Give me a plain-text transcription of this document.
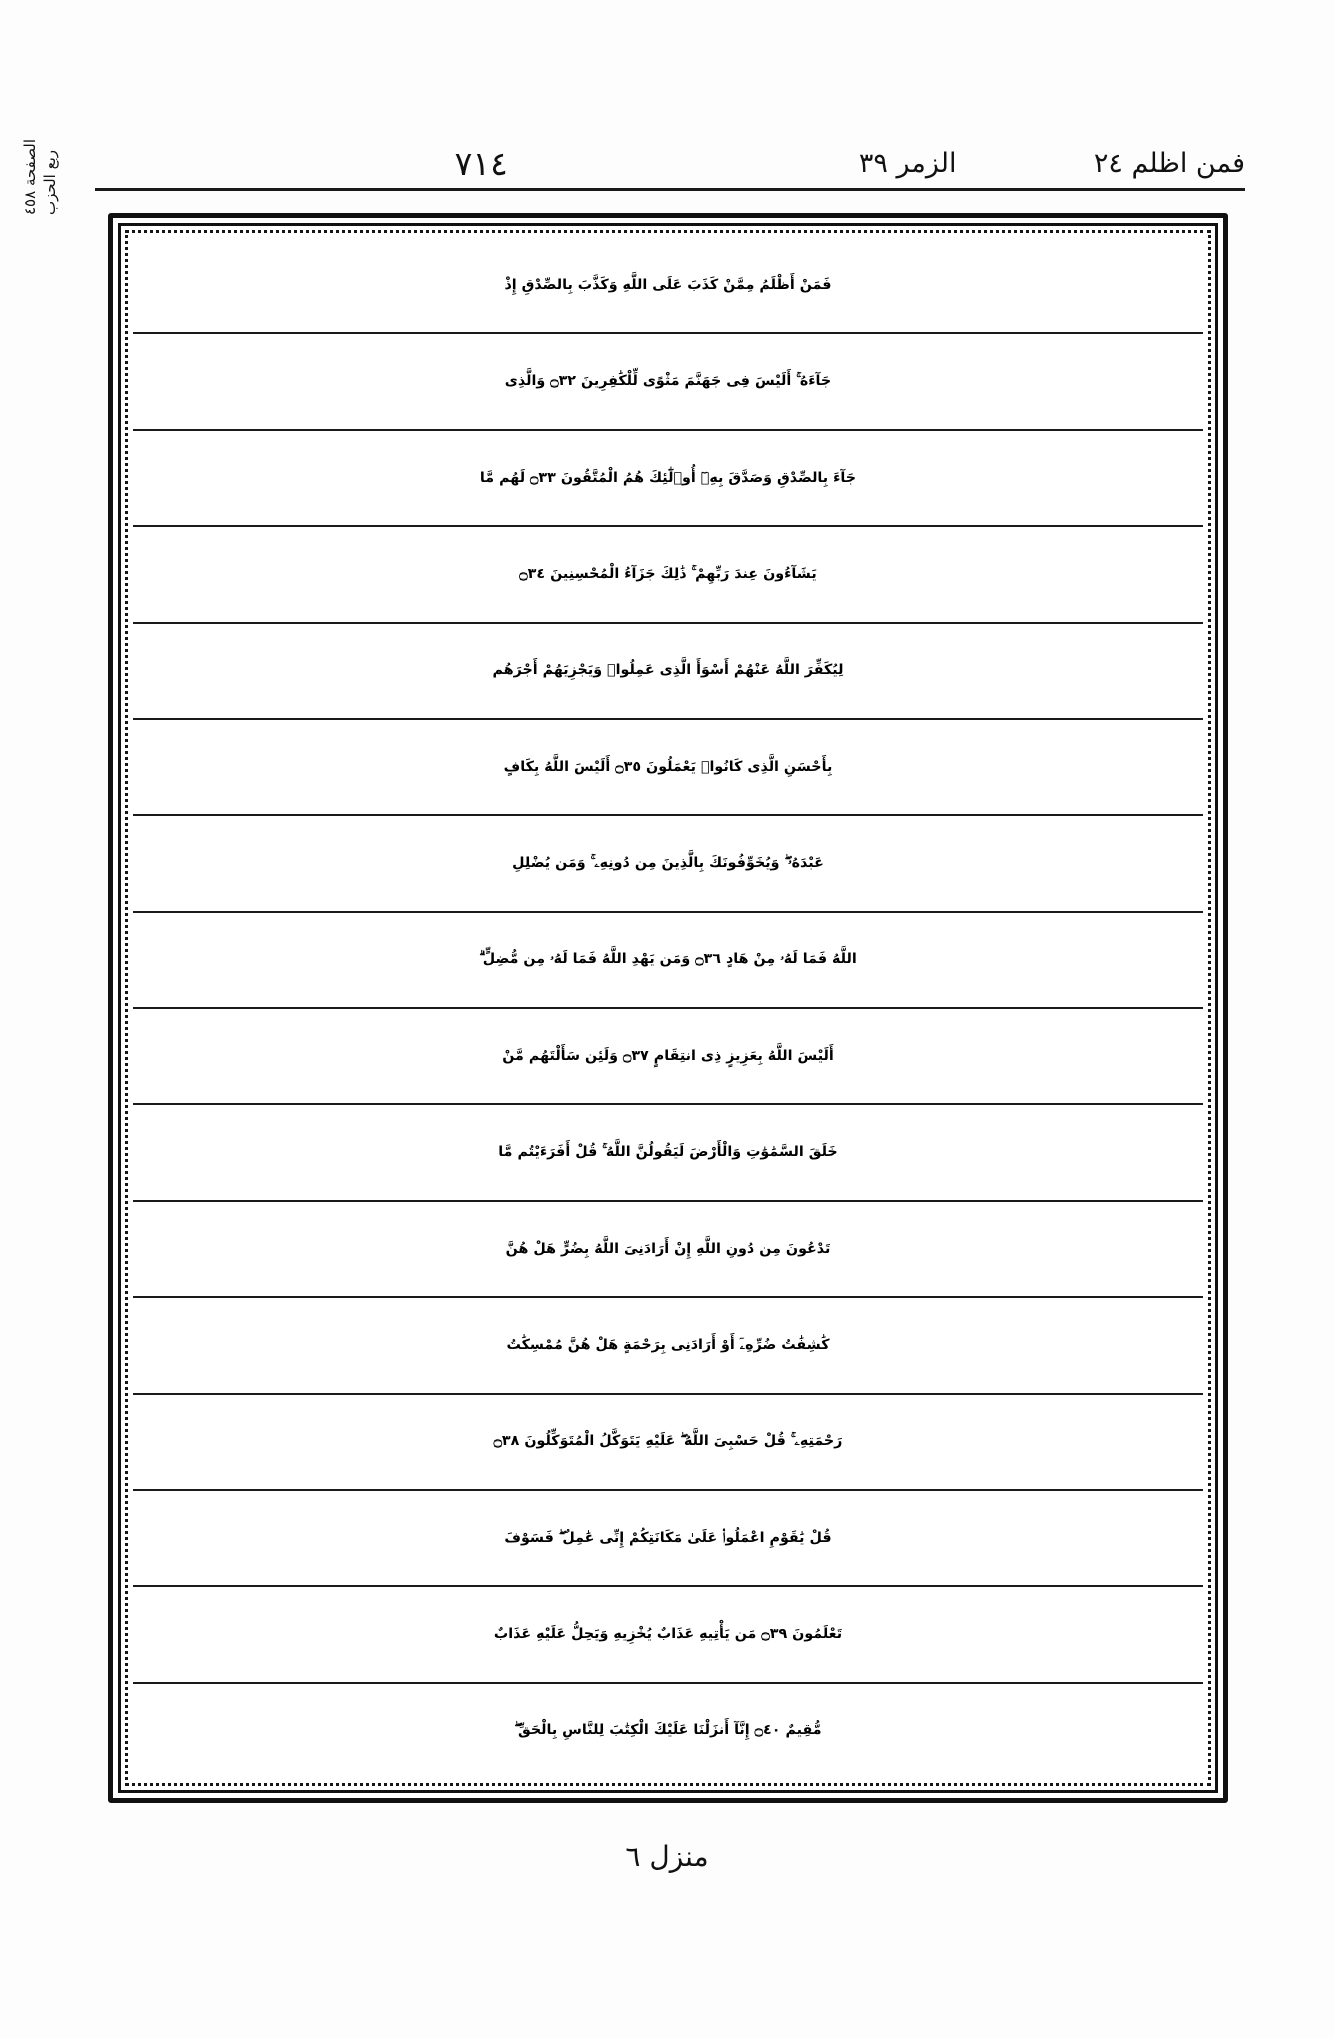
فمن اظلم ٢٤                الزمر ٣٩
٧١٤

الصفحة ٤٥٨ ربع الحزب
فَمَنْ أَظْلَمُ مِمَّنْ كَذَبَ عَلَى اللَّهِ وَكَذَّبَ بِالصِّدْقِ إِذْ
جَآءَهُ ۚ أَلَيْسَ فِى جَهَنَّمَ مَثْوًى لِّلْكَٰفِرِينَ ۝٣٢ وَالَّذِى
جَآءَ بِالصِّدْقِ وَصَدَّقَ بِهِۦٓ أُو۟لَٰٓئِكَ هُمُ الْمُتَّقُونَ ۝٣٣ لَهُم مَّا
يَشَآءُونَ عِندَ رَبِّهِمْ ۚ ذَٰلِكَ جَزَآءُ الْمُحْسِنِينَ ۝٣٤
لِيُكَفِّرَ اللَّهُ عَنْهُمْ أَسْوَأَ الَّذِى عَمِلُوا۟ وَيَجْزِيَهُمْ أَجْرَهُم
بِأَحْسَنِ الَّذِى كَانُوا۟ يَعْمَلُونَ ۝٣٥ أَلَيْسَ اللَّهُ بِكَافٍ
عَبْدَهُۥ ۖ وَيُخَوِّفُونَكَ بِالَّذِينَ مِن دُونِهِۦ ۚ وَمَن يُضْلِلِ
اللَّهُ فَمَا لَهُۥ مِنْ هَادٍ ۝٣٦ وَمَن يَهْدِ اللَّهُ فَمَا لَهُۥ مِن مُّضِلٍّ ۗ
أَلَيْسَ اللَّهُ بِعَزِيزٍ ذِى انتِقَامٍ ۝٣٧ وَلَئِن سَأَلْتَهُم مَّنْ
خَلَقَ السَّمَٰوَٰتِ وَالْأَرْضَ لَيَقُولُنَّ اللَّهُ ۚ قُلْ أَفَرَءَيْتُم مَّا
تَدْعُونَ مِن دُونِ اللَّهِ إِنْ أَرَادَنِىَ اللَّهُ بِضُرٍّ هَلْ هُنَّ
كَٰشِفَٰتُ ضُرِّهِۦٓ أَوْ أَرَادَنِى بِرَحْمَةٍ هَلْ هُنَّ مُمْسِكَٰتُ
رَحْمَتِهِۦ ۚ قُلْ حَسْبِىَ اللَّهُ ۖ عَلَيْهِ يَتَوَكَّلُ الْمُتَوَكِّلُونَ ۝٣٨
قُلْ يَٰقَوْمِ اعْمَلُوا۟ عَلَىٰ مَكَانَتِكُمْ إِنِّى عَٰمِلٌ ۖ فَسَوْفَ
تَعْلَمُونَ ۝٣٩ مَن يَأْتِيهِ عَذَابٌ يُخْزِيهِ وَيَحِلُّ عَلَيْهِ عَذَابٌ
مُّقِيمٌ ۝٤٠ إِنَّآ أَنزَلْنَا عَلَيْكَ الْكِتَٰبَ لِلنَّاسِ بِالْحَقِّ ۖ
منزل ٦
